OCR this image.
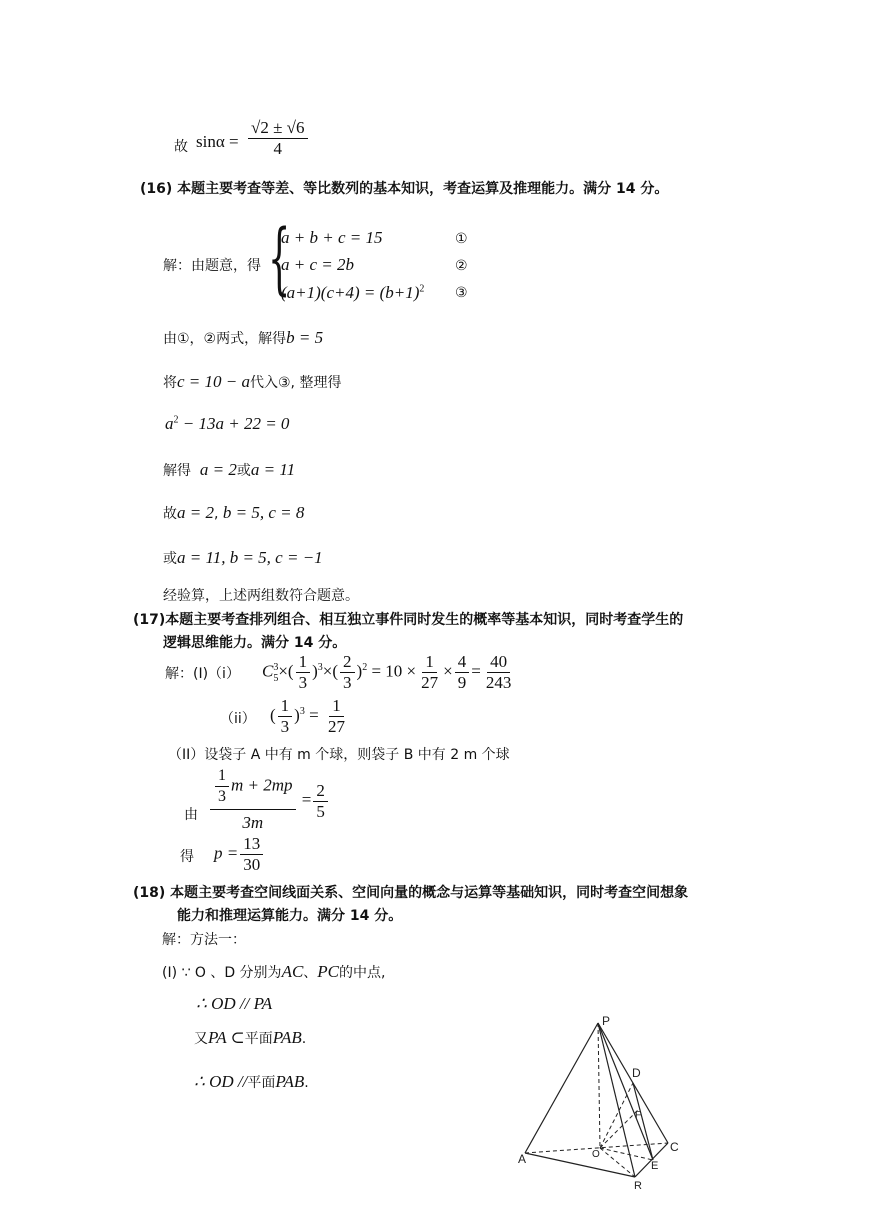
故 $\sin\alpha = \frac{√2 \pm √6}{4}$
(16) 本题主要考查等差、等比数列的基本知识，考查运算及推理能力。满分 14 分。
解：由题意，得 {
a + b + c = 15
a + c = 2b
$(a+1)(c+4) = (b+1)^2$
①
②
③
由①，②两式，解得b = 5
将c = 10 − a代入③, 整理得
$a^2 - 13a + 22 = 0$
解得 a = 2或a = 11
故a = 2, b = 5, c = 8
或a = 11, b = 5, c = −1
经验算，上述两组数符合题意。
(17)本题主要考查排列组合、相互独立事件同时发生的概率等基本知识，同时考查学生的
逻辑思维能力。满分 14 分。
解：(I)（i） C 3
5 ×( $\frac{1}{3} )^3\times( \frac{2}{3} )^2 = 10 \times \frac{1}{27} \times \frac{4}{9} = \frac{40}{243}$
（ii） ( $\frac{1}{3} )^3 = \frac{1}{27}$
（II）设袋子 A 中有 m 个球，则袋子 B 中有 2 m 个球
由 $\frac{\frac{1}{3} m + 2mp}{3m} = \frac{2}{5}$
得 $p = \frac{13}{30}$
(18) 本题主要考查空间线面关系、空间向量的概念与运算等基础知识，同时考查空间想象
能力和推理运算能力。满分 14 分。
解：方法一：
(I) ∵ O 、D 分别为AC、PC的中点,
∴ OD // PA
又PA ⊂平面PAB.
∴ OD //平面PAB.
P
D
F
C
A	O
E
R
